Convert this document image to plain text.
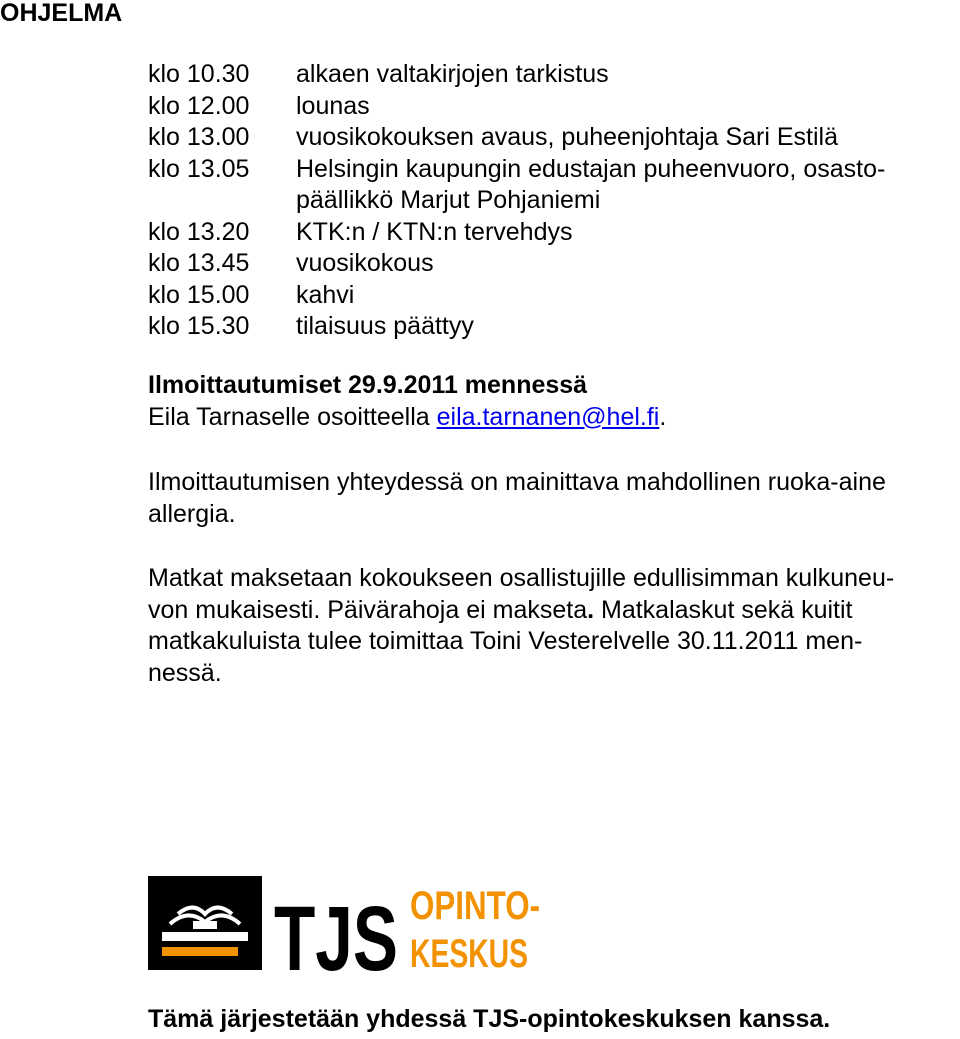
OHJELMA
klo 10.30	alkaen valtakirjojen tarkistus
klo 12.00	lounas
klo 13.00	vuosikokouksen avaus, puheenjohtaja Sari Estilä
klo 13.05	Helsingin kaupungin edustajan puheenvuoro, osasto-
päällikkö Marjut Pohjaniemi
klo 13.20	KTK:n / KTN:n tervehdys
klo 13.45	vuosikokous
klo 15.00	kahvi
klo 15.30	tilaisuus päättyy
Ilmoittautumiset 29.9.2011 mennessä
Eila Tarnaselle osoitteella eila.tarnanen@hel.fi.
Ilmoittautumisen yhteydessä on mainittava mahdollinen ruoka-aine
allergia.
Matkat maksetaan kokoukseen osallistujille edullisimman kulkuneu-
von mukaisesti. Päivärahoja ei makseta. Matkalaskut sekä kuitit
matkakuluista tulee toimittaa Toini Vesterelvelle 30.11.2011 men-
nessä.
TJS OPINTO-
KESKUS
Tämä järjestetään yhdessä TJS-opintokeskuksen kanssa.
